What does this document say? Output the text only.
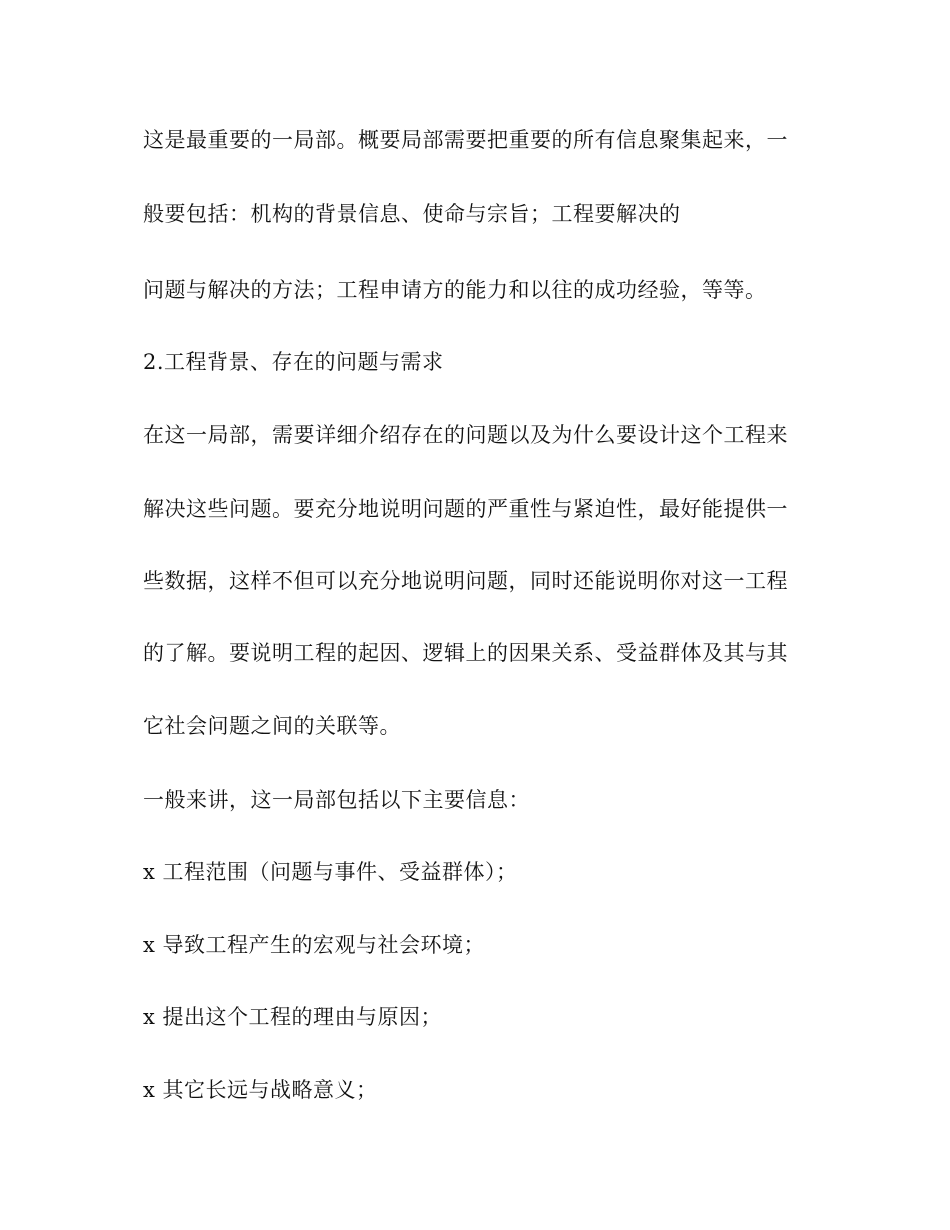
这是最重要的一局部。概要局部需要把重要的所有信息聚集起来，一
般要包括：机构的背景信息、使命与宗旨；工程要解决的
问题与解决的方法；工程申请方的能力和以往的成功经验，等等。
2.工程背景、存在的问题与需求
在这一局部，需要详细介绍存在的问题以及为什么要设计这个工程来
解决这些问题。要充分地说明问题的严重性与紧迫性，最好能提供一
些数据，这样不但可以充分地说明问题，同时还能说明你对这一工程
的了解。要说明工程的起因、逻辑上的因果关系、受益群体及其与其
它社会问题之间的关联等。
一般来讲，这一局部包括以下主要信息：
x 工程范围（问题与事件、受益群体）；
x 导致工程产生的宏观与社会环境；
x 提出这个工程的理由与原因；
x 其它长远与战略意义；
